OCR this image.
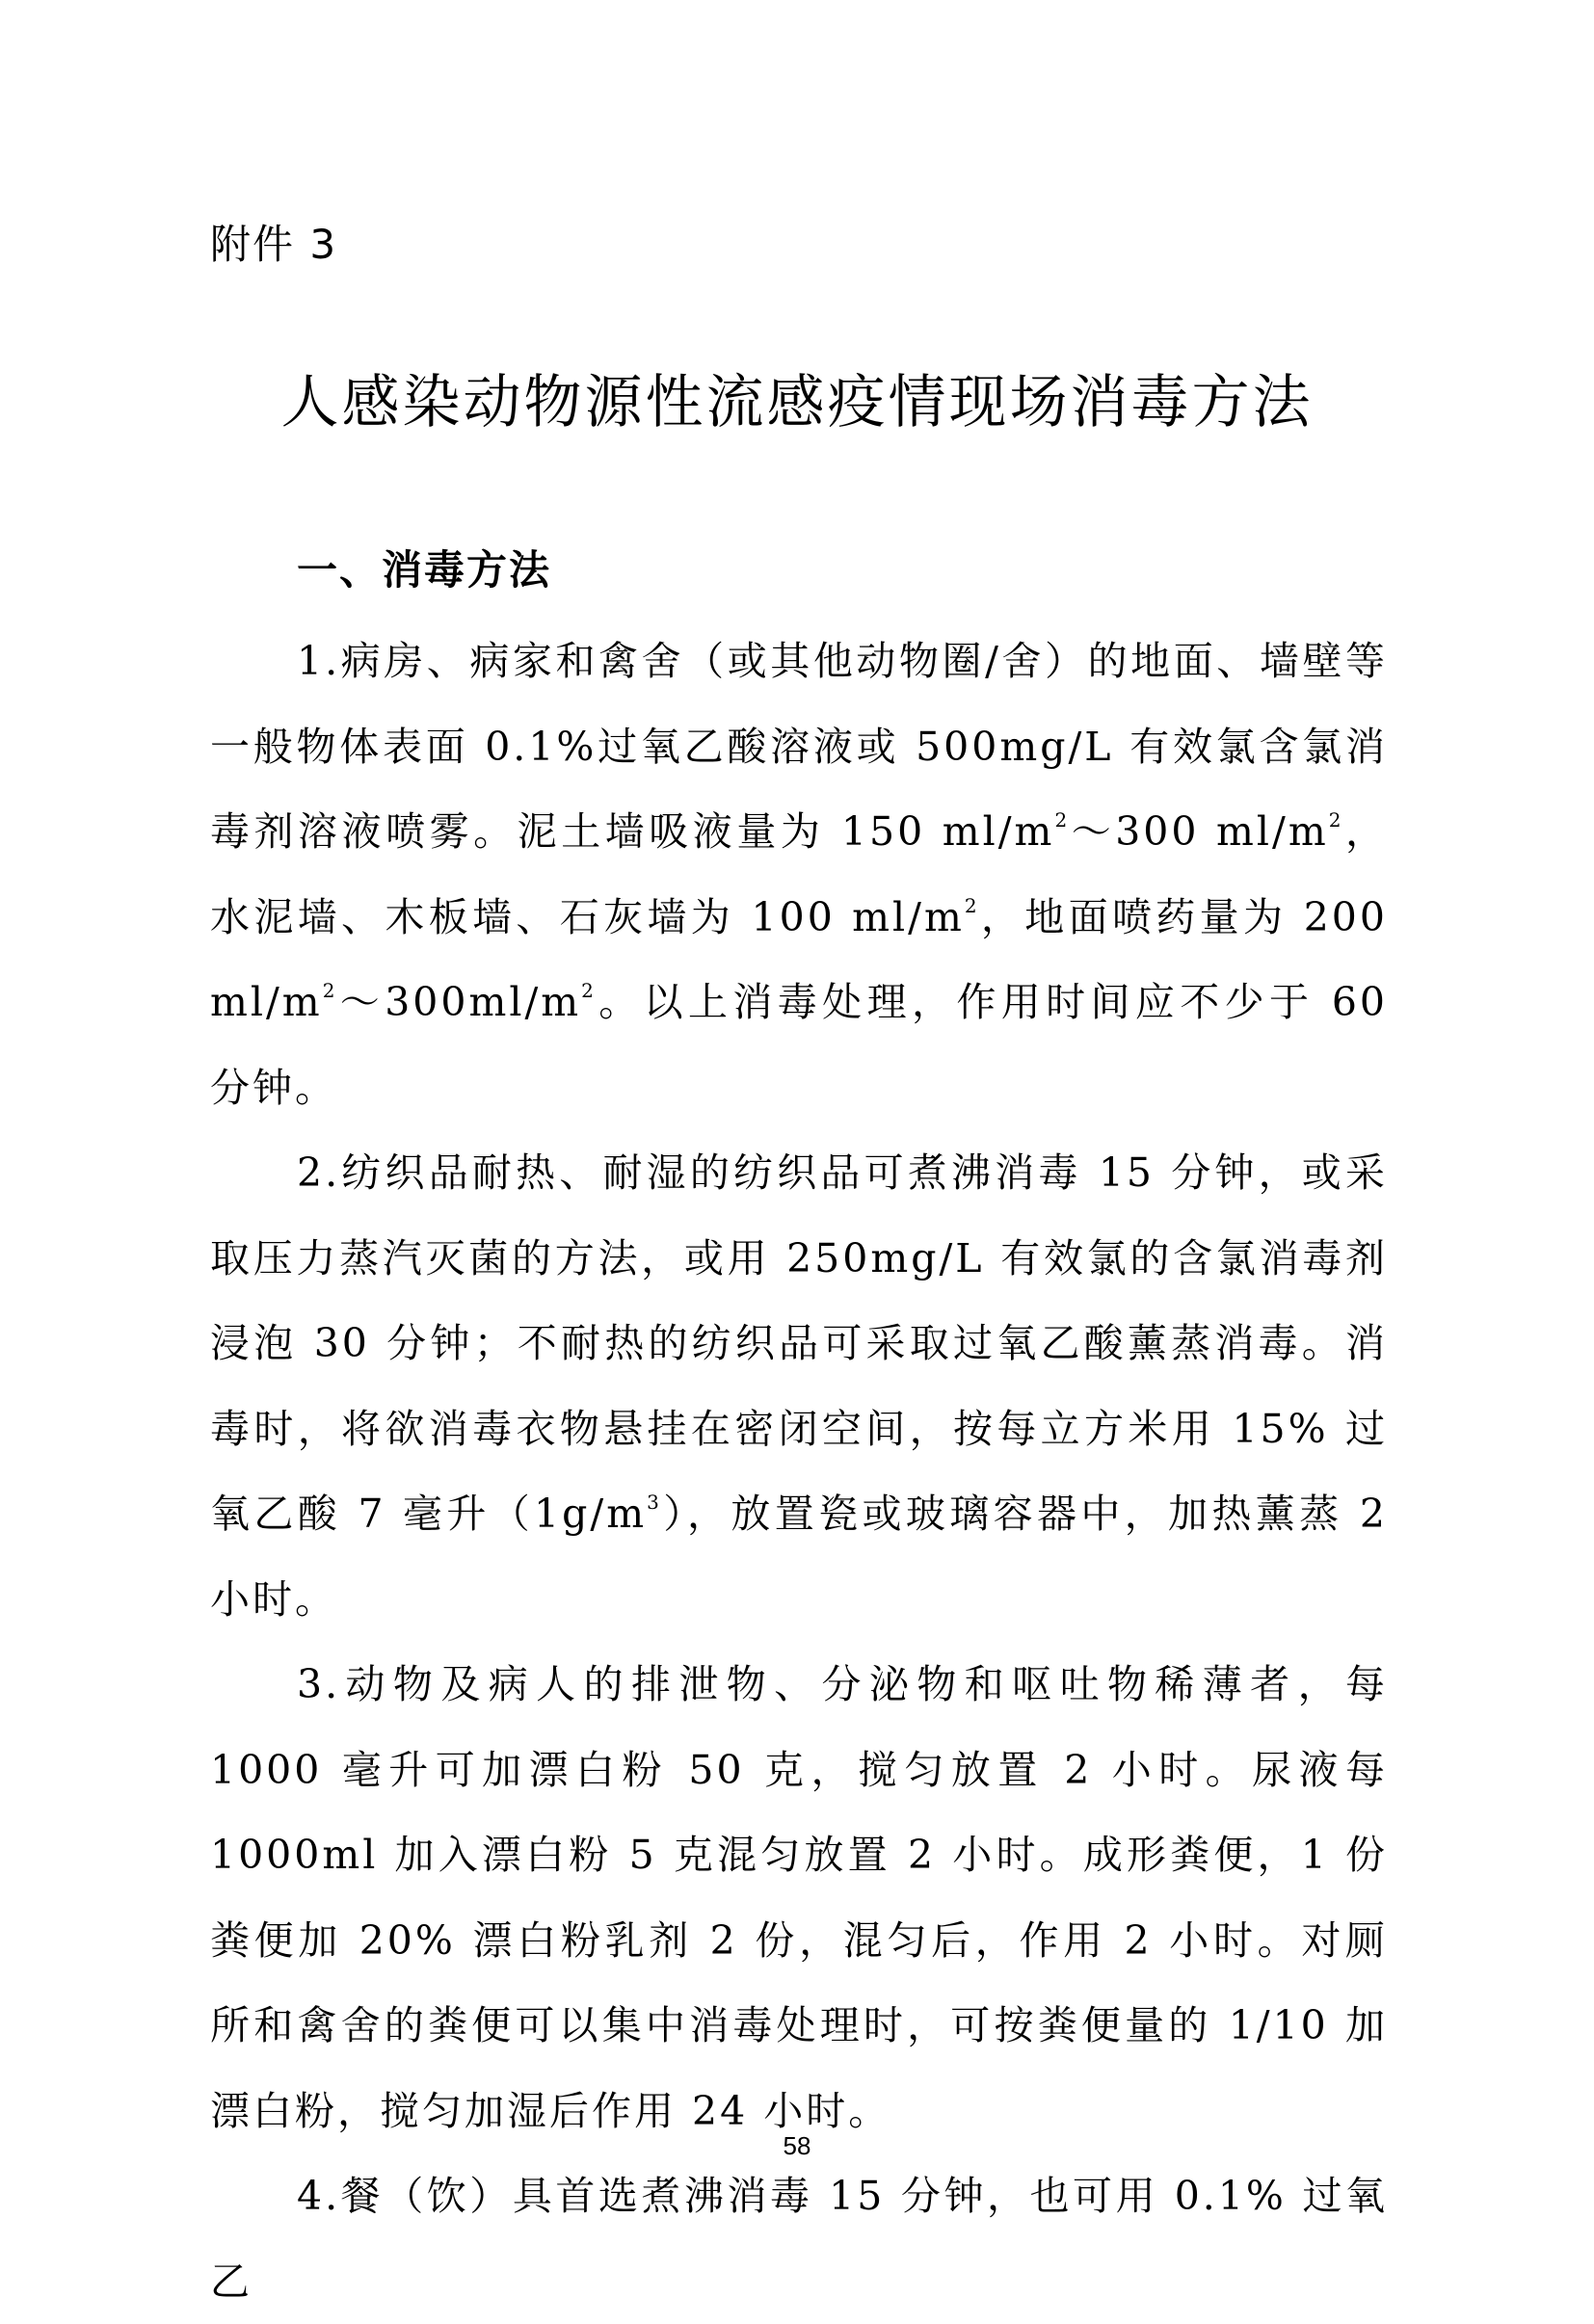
附件 3
人感染动物源性流感疫情现场消毒方法
一、消毒方法

1.病房、病家和禽舍（或其他动物圈/舍）的地面、墙壁等一般物体表面 0.1%过氧乙酸溶液或 500mg/L 有效氯含氯消毒剂溶液喷雾。泥土墙吸液量为 150 $ml/m^2\sim 300$ $ml/m^2$，水泥墙、木板墙、石灰墙为 100 $ml/m^2$，地面喷药量为 200 $ml/m^2\sim 300ml/m^2$。以上消毒处理，作用时间应不少于 60 分钟。

2.纺织品耐热、耐湿的纺织品可煮沸消毒 15 分钟，或采取压力蒸汽灭菌的方法，或用 250mg/L 有效氯的含氯消毒剂浸泡 30 分钟；不耐热的纺织品可采取过氧乙酸薰蒸消毒。消毒时，将欲消毒衣物悬挂在密闭空间，按每立方米用 15% 过氧乙酸 7 毫升$(1g/m^3)$，放置瓷或玻璃容器中，加热薰蒸 2 小时。

3.动物及病人的排泄物、分泌物和呕吐物稀薄者，每 1000 毫升可加漂白粉 50 克，搅匀放置 2 小时。尿液每 1000ml 加入漂白粉 5 克混匀放置 2 小时。成形粪便，1 份粪便加 20% 漂白粉乳剂 2 份，混匀后，作用 2 小时。对厕所和禽舍的粪便可以集中消毒处理时，可按粪便量的 1/10 加漂白粉，搅匀加湿后作用 24 小时。

4.餐（饮）具首选煮沸消毒 15 分钟，也可用 0.1% 过氧乙

58
